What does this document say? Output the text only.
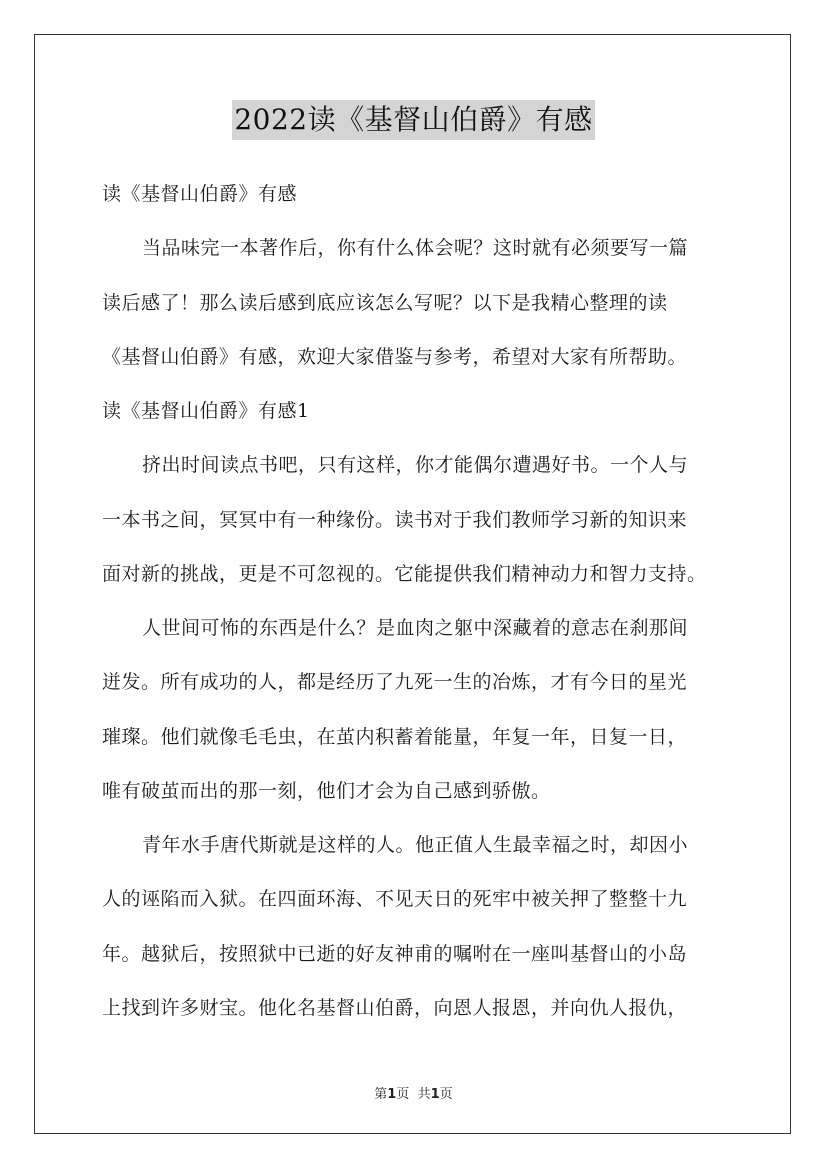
2022读《基督山伯爵》有感
读《基督山伯爵》有感
当品味完一本著作后，你有什么体会呢？这时就有必须要写一篇
读后感了！那么读后感到底应该怎么写呢？以下是我精心整理的读
《基督山伯爵》有感，欢迎大家借鉴与参考，希望对大家有所帮助。
读《基督山伯爵》有感1
挤出时间读点书吧，只有这样，你才能偶尔遭遇好书。一个人与
一本书之间，冥冥中有一种缘份。读书对于我们教师学习新的知识来
面对新的挑战，更是不可忽视的。它能提供我们精神动力和智力支持。
人世间可怖的东西是什么？是血肉之躯中深藏着的意志在刹那间
迸发。所有成功的人，都是经历了九死一生的冶炼，才有今日的星光
璀璨。他们就像毛毛虫，在茧内积蓄着能量，年复一年，日复一日，
唯有破茧而出的那一刻，他们才会为自己感到骄傲。
青年水手唐代斯就是这样的人。他正值人生最幸福之时，却因小
人的诬陷而入狱。在四面环海、不见天日的死牢中被关押了整整十九
年。越狱后，按照狱中已逝的好友神甫的嘱咐在一座叫基督山的小岛
上找到许多财宝。他化名基督山伯爵，向恩人报恩，并向仇人报仇，
第1页 共1页
